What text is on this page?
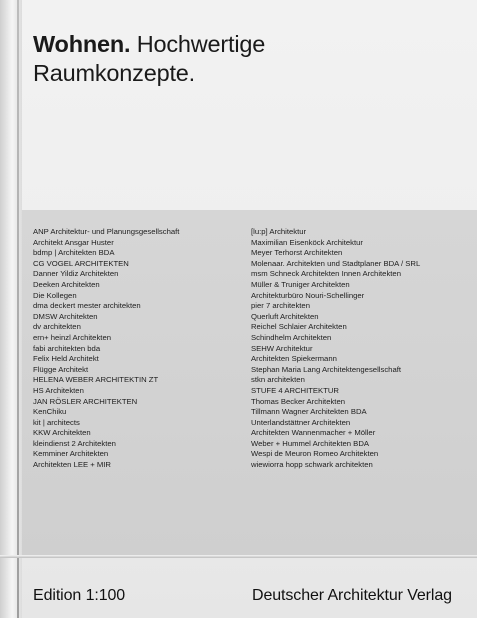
Wohnen. Hochwertige
Raumkonzepte.
ANP Architektur- und Planungsgesellschaft
Architekt Ansgar Huster
bdmp | Architekten BDA
CG VOGEL ARCHITEKTEN
Danner Yildiz Architekten
Deeken Architekten
Die Kollegen
dma deckert mester architekten
DMSW Architekten
dv architekten
ern+ heinzl Architekten
fabi architekten bda
Felix Held Architekt
Flügge Architekt
HELENA WEBER ARCHITEKTIN ZT
HS Architekten
JAN RÖSLER ARCHITEKTEN
KenChiku
kit | architects
KKW Architekten
kleindienst 2 Architekten
Kemminer Architekten
Architekten LEE + MIR
[lu:p] Architektur
Maximilian Eisenköck Architektur
Meyer Terhorst Architekten
Molenaar. Architekten und Stadtplaner BDA / SRL
msm Schneck Architekten Innen Architekten
Müller & Truniger Architekten
Architekturbüro Nouri-Schellinger
pier 7 architekten
Querluft Architekten
Reichel Schlaier Architekten
Schindhelm Architekten
SEHW Architektur
Architekten Spiekermann
Stephan Maria Lang Architektengesellschaft
stkn architekten
STUFE 4 ARCHITEKTUR
Thomas Becker Architekten
Tillmann Wagner Architekten BDA
Unterlandstättner Architekten
Architekten Wannenmacher + Möller
Weber + Hummel Architekten BDA
Wespi de Meuron Romeo Architekten
wiewiorra hopp schwark architekten
Edition 1:100	Deutscher Architektur Verlag
